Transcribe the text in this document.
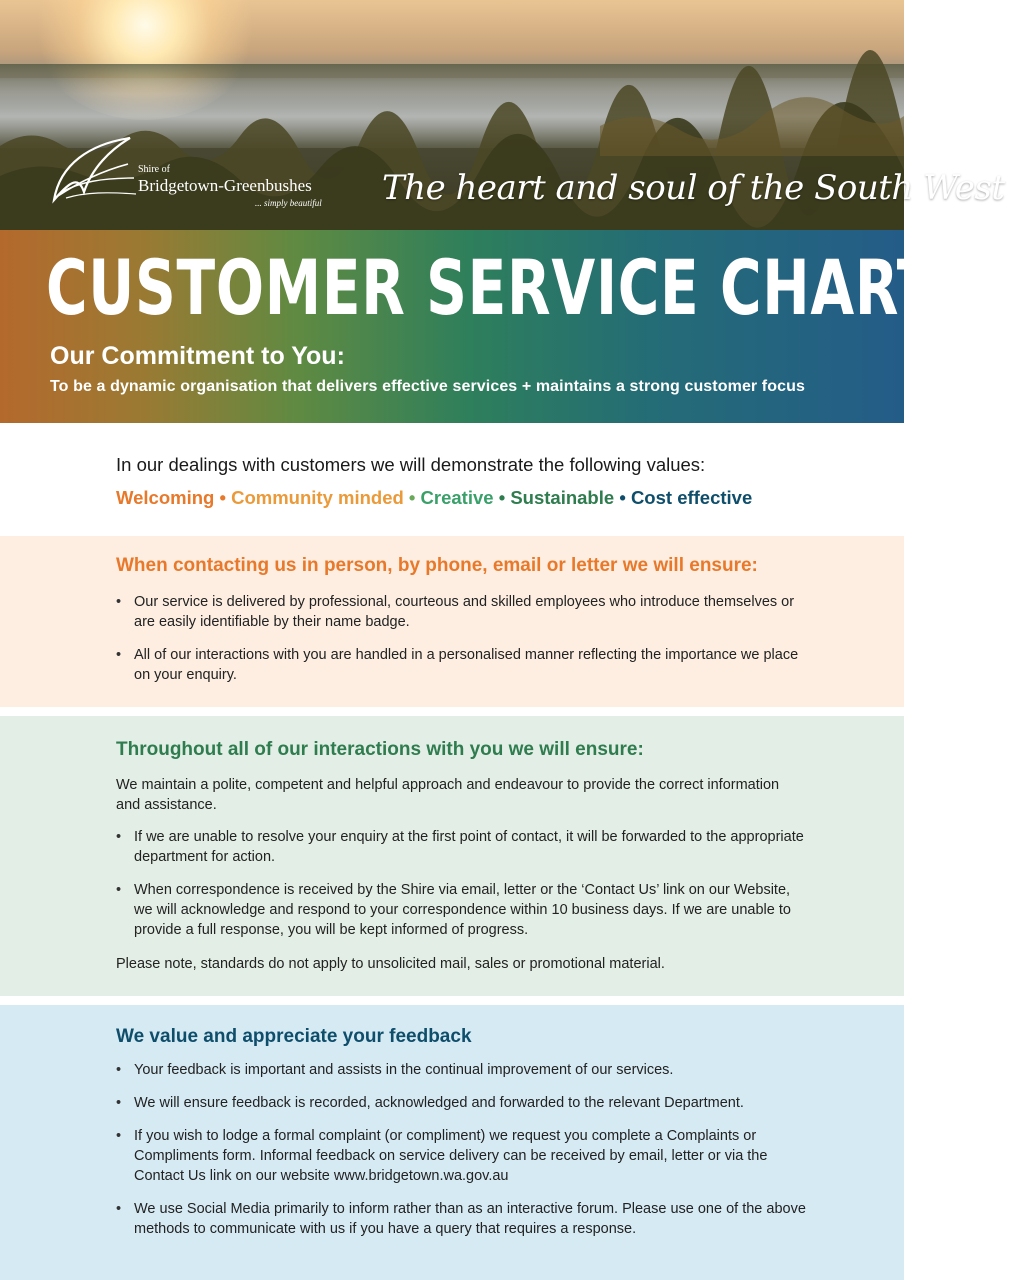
Shire of
Bridgetown-Greenbushes
... simply beautiful The heart and soul of the South West
CUSTOMER SERVICE CHARTER
Our Commitment to You:
To be a dynamic organisation that delivers effective services + maintains a strong customer focus
In our dealings with customers we will demonstrate the following values:
Welcoming • Community minded • Creative • Sustainable • Cost effective
When contacting us in person, by phone, email or letter we will ensure:
• Our service is delivered by professional, courteous and skilled employees who introduce themselves or are easily identifiable by their name badge.
• All of our interactions with you are handled in a personalised manner reflecting the importance we place on your enquiry.
Throughout all of our interactions with you we will ensure:

We maintain a polite, competent and helpful approach and endeavour to provide the correct information and assistance.

• If we are unable to resolve your enquiry at the first point of contact, it will be forwarded to the appropriate department for action.
• When correspondence is received by the Shire via email, letter or the ‘Contact Us’ link on our Website, we will acknowledge and respond to your correspondence within 10 business days. If we are unable to provide a full response, you will be kept informed of progress.

Please note, standards do not apply to unsolicited mail, sales or promotional material.

We value and appreciate your feedback
• Your feedback is important and assists in the continual improvement of our services.
• We will ensure feedback is recorded, acknowledged and forwarded to the relevant Department.
• If you wish to lodge a formal complaint (or compliment) we request you complete a Complaints or Compliments form. Informal feedback on service delivery can be received by email, letter or via the Contact Us link on our website www.bridgetown.wa.gov.au
• We use Social Media primarily to inform rather than as an interactive forum. Please use one of the above methods to communicate with us if you have a query that requires a response.
